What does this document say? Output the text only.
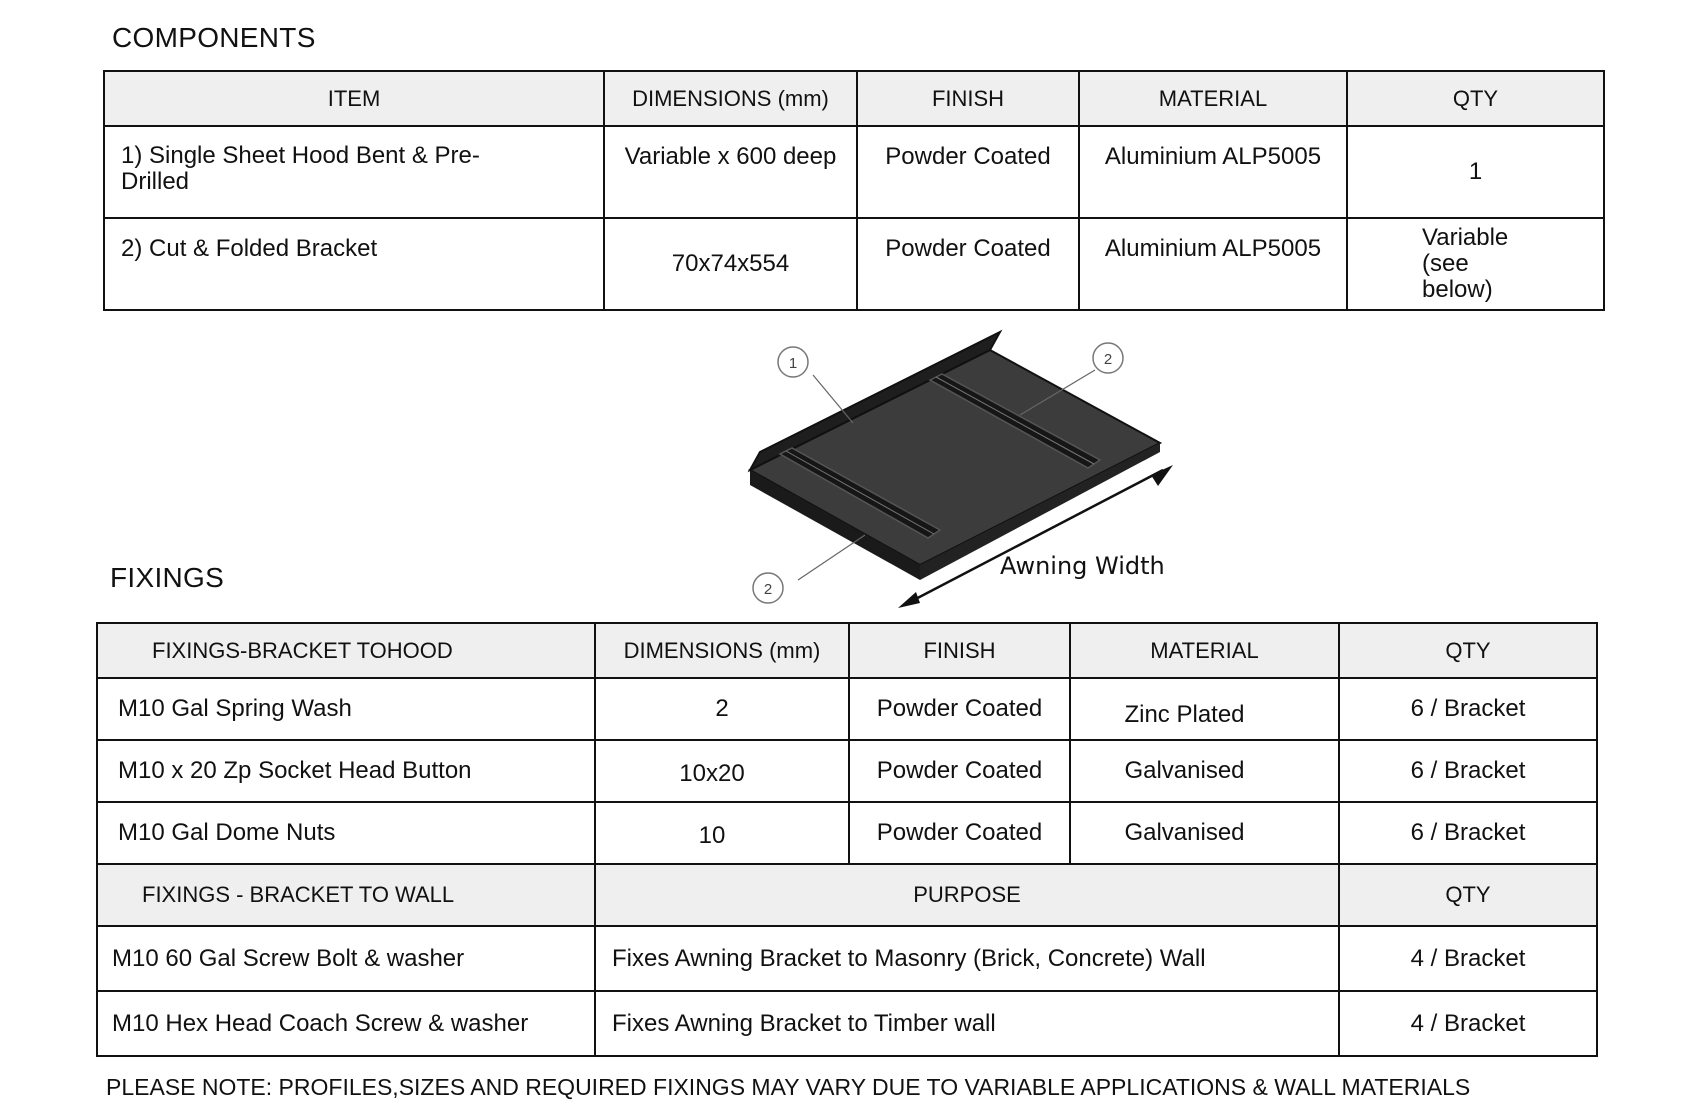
COMPONENTS
ITEM	DIMENSIONS (mm)	FINISH	MATERIAL	QTY
1) Single Sheet Hood Bent & Pre-Drilled	Variable x 600 deep	Powder Coated	Aluminium ALP5005	1
2) Cut & Folded Bracket	70x74x554	Powder Coated	Aluminium ALP5005	Variable (see below)
1	2
2
Awning Width
FIXINGS
FIXINGS-BRACKET TOHOOD	DIMENSIONS (mm)	FINISH	MATERIAL	QTY
M10 Gal Spring Wash	2	Powder Coated	Zinc Plated	6 / Bracket
M10 x 20 Zp Socket Head Button	10x20	Powder Coated	Galvanised	6 / Bracket
M10 Gal Dome Nuts	10	Powder Coated	Galvanised	6 / Bracket
FIXINGS - BRACKET TO WALL	PURPOSE			QTY
M10 60 Gal Screw Bolt & washer	Fixes Awning Bracket to Masonry (Brick, Concrete) Wall			4 / Bracket
M10 Hex Head Coach Screw & washer	Fixes Awning Bracket to Timber wall			4 / Bracket
PLEASE NOTE: PROFILES,SIZES AND REQUIRED FIXINGS MAY VARY DUE TO VARIABLE APPLICATIONS & WALL MATERIALS
